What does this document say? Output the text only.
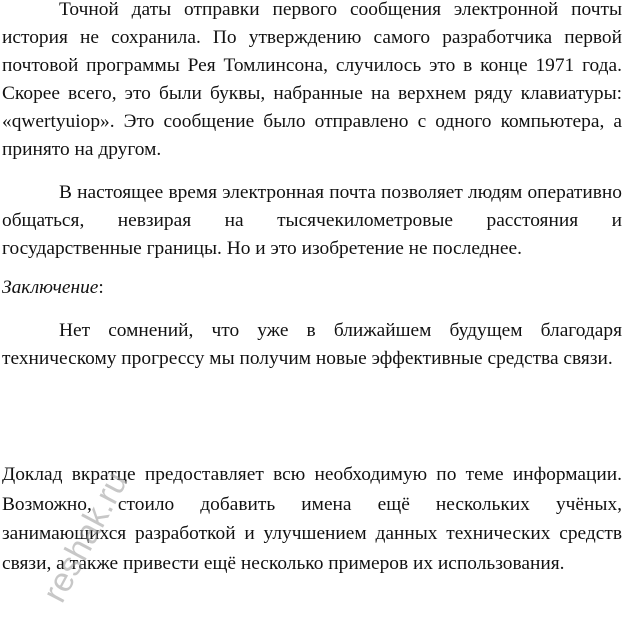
Точной даты отправки первого сообщения электронной почты история не сохранила. По утверждению самого разработчика первой почтовой программы Рея Томлинсона, случилось это в конце 1971 года. Скорее всего, это были буквы, набранные на верхнем ряду клавиатуры: «qwertyuiop». Это сообщение было отправлено с одного компьютера, а принято на другом.

В настоящее время электронная почта позволяет людям оперативно общаться, невзирая на тысячекилометровые расстояния и государственные границы. Но и это изобретение не последнее.

Заключение:

Нет сомнений, что уже в ближайшем будущем благодаря техническому прогрессу мы получим новые эффективные средства связи.

Доклад вкратце предоставляет всю необходимую по теме информации. Возможно, стоило добавить имена ещё нескольких учёных, занимающихся разработкой и улучшением данных технических средств связи, а также привести ещё несколько примеров их использования.

reshak.ru
